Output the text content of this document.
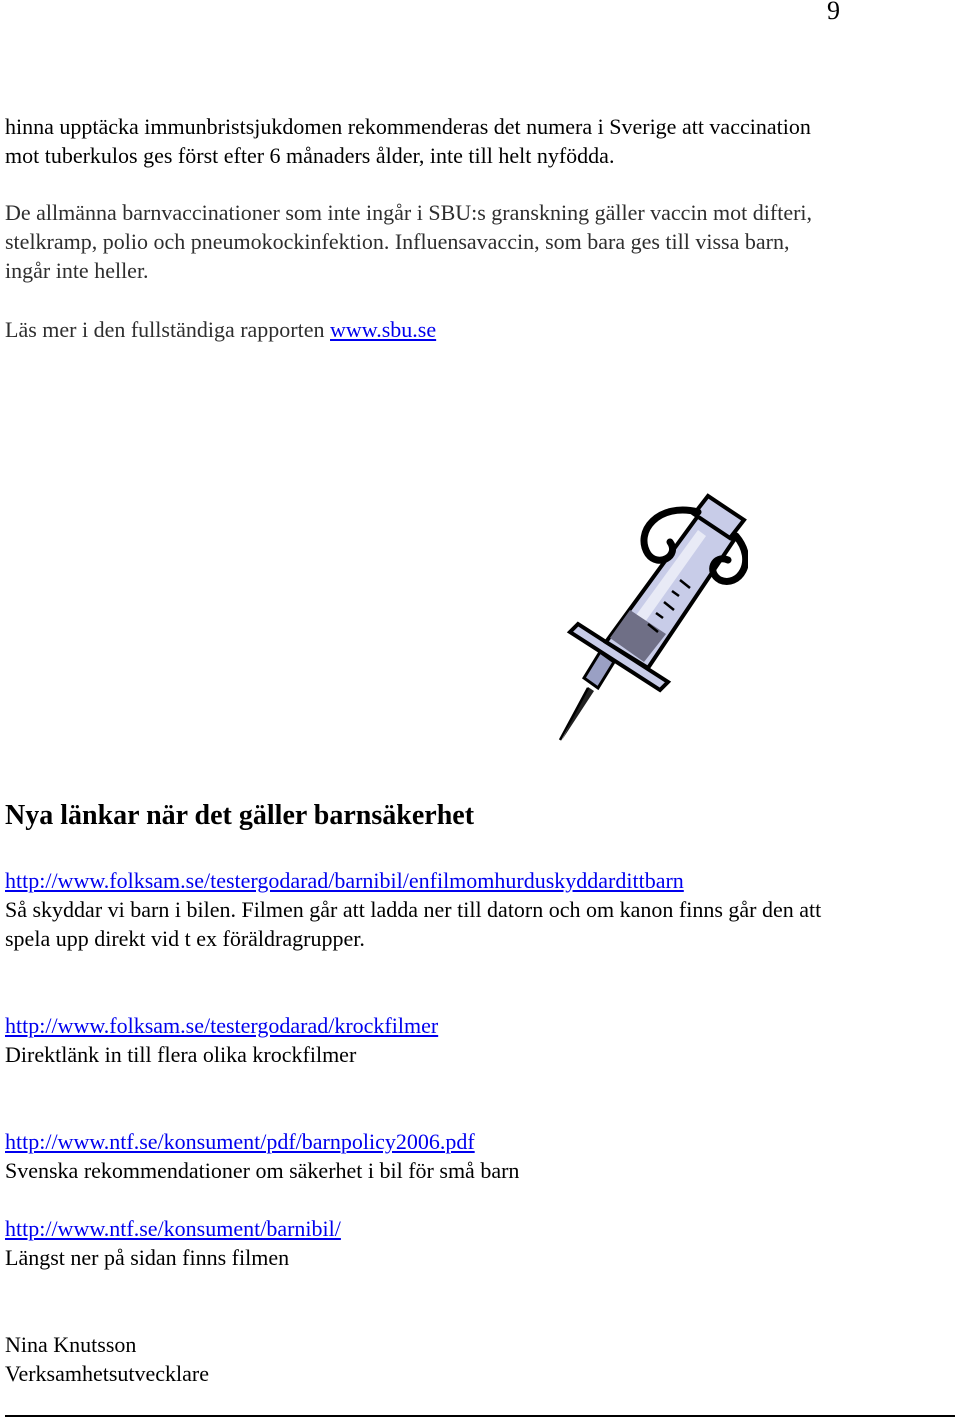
9

hinna upptäcka immunbristsjukdomen rekommenderas det numera i Sverige att vaccination
mot tuberkulos ges först efter 6 månaders ålder, inte till helt nyfödda.

De allmänna barnvaccinationer som inte ingår i SBU:s granskning gäller vaccin mot difteri,
stelkramp, polio och pneumokockinfektion. Influensavaccin, som bara ges till vissa barn,
ingår inte heller.

Läs mer i den fullständiga rapporten www.sbu.se

Nya länkar när det gäller barnsäkerhet
http://www.folksam.se/testergodarad/barnibil/enfilmomhurduskyddardittbarn
Så skyddar vi barn i bilen. Filmen går att ladda ner till datorn och om kanon finns går den att
spela upp direkt vid t ex föräldragrupper.
http://www.folksam.se/testergodarad/krockfilmer
Direktlänk in till flera olika krockfilmer
http://www.ntf.se/konsument/pdf/barnpolicy2006.pdf
Svenska rekommendationer om säkerhet i bil för små barn
http://www.ntf.se/konsument/barnibil/
Längst ner på sidan finns filmen
Nina Knutsson
Verksamhetsutvecklare
